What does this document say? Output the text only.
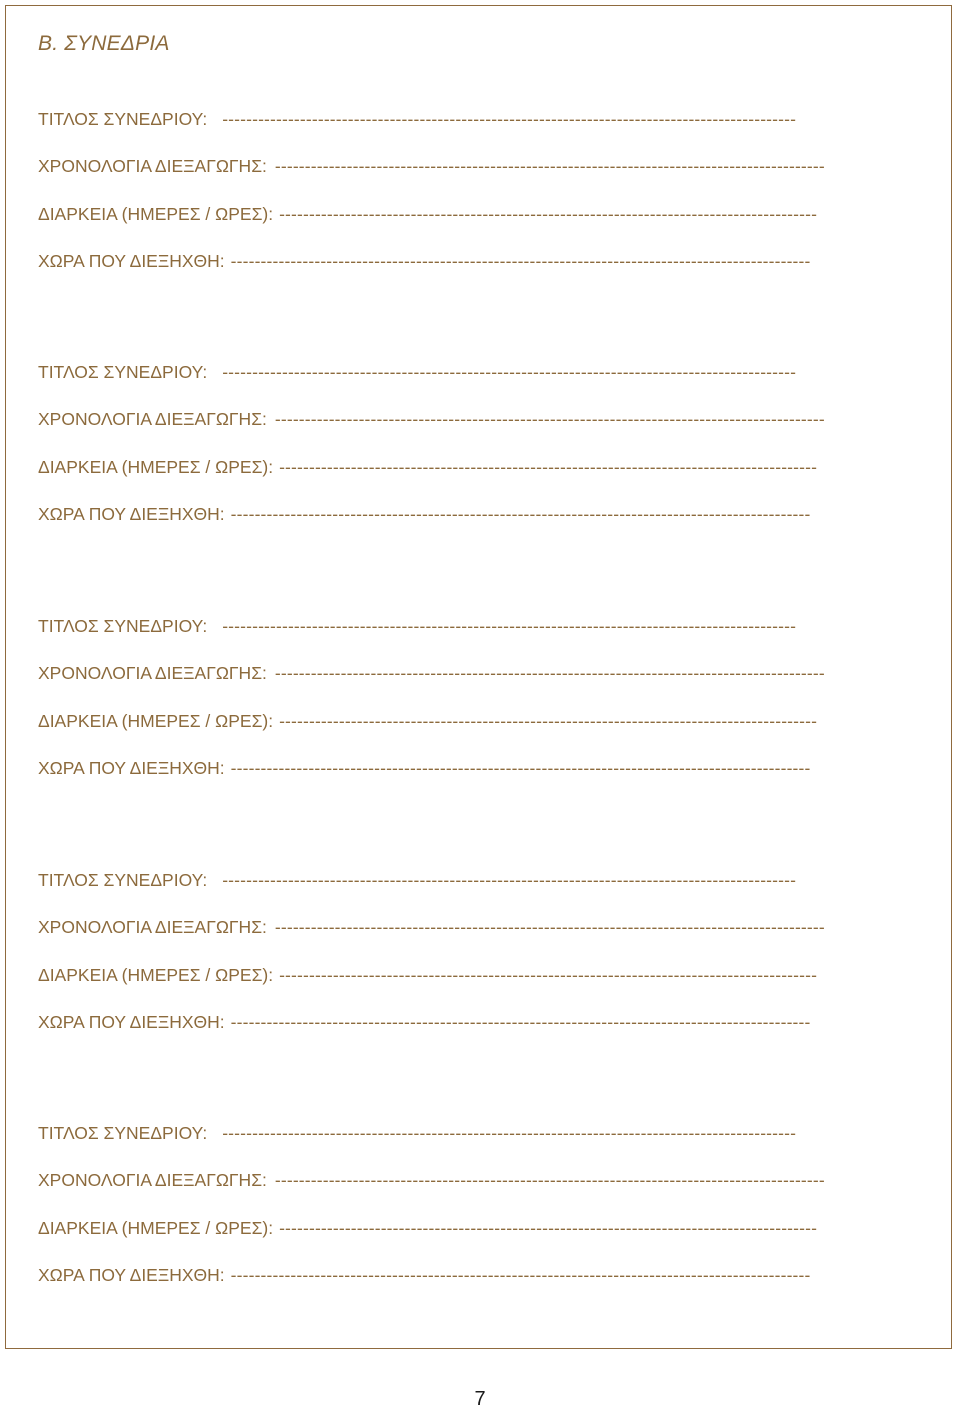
Β. ΣΥΝΕΔΡΙΑ
ΤΙΤΛΟΣ ΣΥΝΕΔΡΙΟΥ: ------------------------------------------------------------------------------------------------
ΧΡΟΝΟΛΟΓΙΑ ΔΙΕΞΑΓΩΓΗΣ: --------------------------------------------------------------------------------------------
ΔΙΑΡΚΕΙΑ (ΗΜΕΡΕΣ / ΩΡΕΣ): ------------------------------------------------------------------------------------------
ΧΩΡΑ ΠΟΥ ΔΙΕΞΗΧΘΗ: -------------------------------------------------------------------------------------------------
ΤΙΤΛΟΣ ΣΥΝΕΔΡΙΟΥ: ------------------------------------------------------------------------------------------------
ΧΡΟΝΟΛΟΓΙΑ ΔΙΕΞΑΓΩΓΗΣ: --------------------------------------------------------------------------------------------
ΔΙΑΡΚΕΙΑ (ΗΜΕΡΕΣ / ΩΡΕΣ): ------------------------------------------------------------------------------------------
ΧΩΡΑ ΠΟΥ ΔΙΕΞΗΧΘΗ: -------------------------------------------------------------------------------------------------
ΤΙΤΛΟΣ ΣΥΝΕΔΡΙΟΥ: ------------------------------------------------------------------------------------------------
ΧΡΟΝΟΛΟΓΙΑ ΔΙΕΞΑΓΩΓΗΣ: --------------------------------------------------------------------------------------------
ΔΙΑΡΚΕΙΑ (ΗΜΕΡΕΣ / ΩΡΕΣ): ------------------------------------------------------------------------------------------
ΧΩΡΑ ΠΟΥ ΔΙΕΞΗΧΘΗ: -------------------------------------------------------------------------------------------------
ΤΙΤΛΟΣ ΣΥΝΕΔΡΙΟΥ: ------------------------------------------------------------------------------------------------
ΧΡΟΝΟΛΟΓΙΑ ΔΙΕΞΑΓΩΓΗΣ: --------------------------------------------------------------------------------------------
ΔΙΑΡΚΕΙΑ (ΗΜΕΡΕΣ / ΩΡΕΣ): ------------------------------------------------------------------------------------------
ΧΩΡΑ ΠΟΥ ΔΙΕΞΗΧΘΗ: -------------------------------------------------------------------------------------------------
ΤΙΤΛΟΣ ΣΥΝΕΔΡΙΟΥ: ------------------------------------------------------------------------------------------------
ΧΡΟΝΟΛΟΓΙΑ ΔΙΕΞΑΓΩΓΗΣ: --------------------------------------------------------------------------------------------
ΔΙΑΡΚΕΙΑ (ΗΜΕΡΕΣ / ΩΡΕΣ): ------------------------------------------------------------------------------------------
ΧΩΡΑ ΠΟΥ ΔΙΕΞΗΧΘΗ: -------------------------------------------------------------------------------------------------
7
